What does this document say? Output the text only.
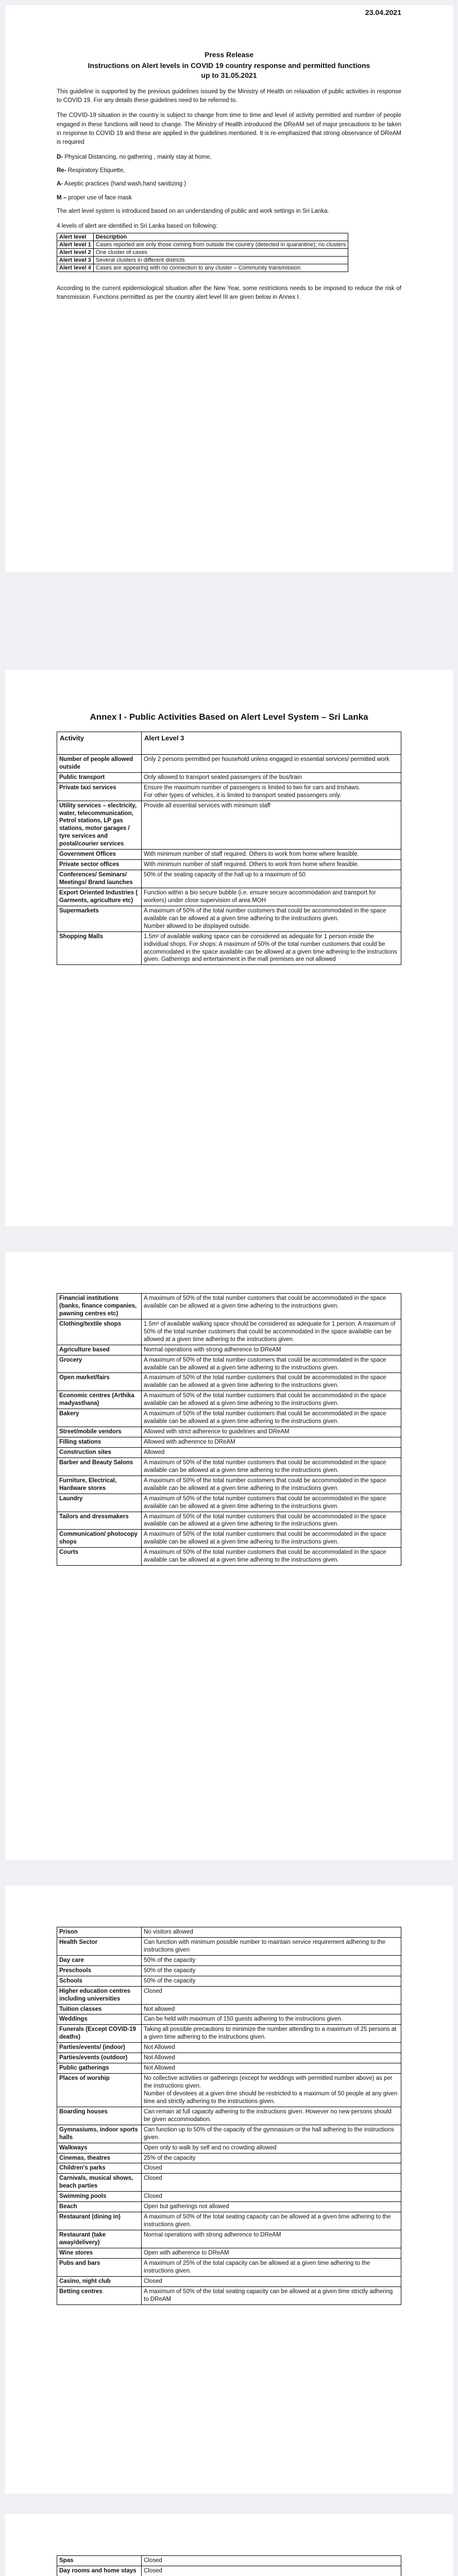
23.04.2021
Press Release
Instructions on Alert levels in COVID 19 country response and permitted functions up to 31.05.2021

This guideline is supported by the previous guidelines issued by the Ministry of Health on relaxation of public activities in response to COVID 19. For any details these guidelines need to be referred to.

The COVID-19 situation in the country is subject to change from time to time and level of activity permitted and number of people engaged in these functions will need to change. The Ministry of Health introduced the DReAM set of major precautions to be taken in response to COVID 19 and these are applied in the guidelines mentioned. It is re-emphasized that strong observance of DReAM is required

D- Physical Distancing, no gathering , mainly stay at home,
Re- Respiratory Etiquette,
A- Aseptic practices (hand wash,hand sanitizing )
M – proper use of face mask

The alert level system is introduced based on an understanding of public and work settings in Sri Lanka.

4 levels of alert are identified in Sri Lanka based on following:

Alert level	Description
Alert level 1	Cases reported are only those coming from outside the country (detected in quarantine); no clusters
Alert level 2	One cluster of cases
Alert level 3	Several clusters in different districts
Alert level 4	Cases are appearing with no connection to any cluster – Community transmission

According to the current epidemiological situation after the New Year, some restrictions needs to be imposed to reduce the risk of transmission. Functions permitted as per the country alert level III are given below in Annex I.

Annex I - Public Activities Based on Alert Level System – Sri Lanka
Activity	Alert Level 3
Number of people allowed outside	Only 2 persons permitted per household unless engaged in essential services/ permitted work
Public transport	Only allowed to transport seated passengers of the bus/train
Private taxi services	Ensure the maximum number of passengers is limited to two for cars and trishaws.
For other types of vehicles, it is limited to transport seated passengers only.
Utility services – electricity, water, telecommunication, Petrol stations, LP gas stations, motor garages / tyre services and postal/courier services	Provide all essential services with minimum staff
Government Offices	With minimum number of staff required. Others to work from home where feasible.
Private sector offices	With minimum number of staff required. Others to work from home where feasible.
Conferences/ Seminars/ Meetings/ Brand launches	50% of the seating capacity of the hall up to a maximum of 50
Export Oriented Industries ( Garments, agriculture etc)	Function within a bio secure bubble (i.e. ensure secure accommodation and transport for workers) under close supervision of area MOH
Supermarkets	A maximum of 50% of the total number customers that could be accommodated in the space available can be allowed at a given time adhering to the instructions given.
Number allowed to be displayed outside.
Shopping Malls	1.5m² of available walking space can be considered as adequate for 1 person inside the individual shops. For shops: A maximum of 50% of the total number customers that could be accommodated in the space available can be allowed at a given time adhering to the instructions given. Gatherings and entertainment in the mall premises are not allowed
Financial institutions (banks, finance companies, pawning centres etc)	A maximum of 50% of the total number customers that could be accommodated in the space available can be allowed at a given time adhering to the instructions given.
Clothing/textile shops	1.5m² of available walking space should be considered as adequate for 1 person. A maximum of 50% of the total number customers that could be accommodated in the space available can be allowed at a given time adhering to the instructions given.
Agriculture based	Normal operations with strong adherence to DReAM
Grocery	A maximum of 50% of the total number customers that could be accommodated in the space available can be allowed at a given time adhering to the instructions given.
Open market/fairs	A maximum of 50% of the total number customers that could be accommodated in the space available can be allowed at a given time adhering to the instructions given.
Economic centres (Arthika madyasthana)	A maximum of 50% of the total number customers that could be accommodated in the space available can be allowed at a given time adhering to the instructions given.
Bakery	A maximum of 50% of the total number customers that could be accommodated in the space available can be allowed at a given time adhering to the instructions given.
Street/mobile vendors	Allowed with strict adherence to guidelines and DReAM
Filling stations	Allowed with adherence to DReAM
Construction sites	Allowed
Barber and Beauty Salons	A maximum of 50% of the total number customers that could be accommodated in the space available can be allowed at a given time adhering to the instructions given.
Furniture, Electrical, Hardware stores	A maximum of 50% of the total number customers that could be accommodated in the space available can be allowed at a given time adhering to the instructions given.
Laundry	A maximum of 50% of the total number customers that could be accommodated in the space available can be allowed at a given time adhering to the instructions given.
Tailors and dressmakers	A maximum of 50% of the total number customers that could be accommodated in the space available can be allowed at a given time adhering to the instructions given.
Communication/ photocopy shops	A maximum of 50% of the total number customers that could be accommodated in the space available can be allowed at a given time adhering to the instructions given.
Courts	A maximum of 50% of the total number customers that could be accommodated in the space available can be allowed at a given time adhering to the instructions given.
Prison	No visitors allowed
Health Sector	Can function with minimum possible number to maintain service requirement adhering to the instructions given
Day care	50% of the capacity
Preschools	50% of the capacity
Schools	50% of the capacity
Higher education centres including universities	Closed
Tuition classes	Not allowed
Weddings	Can be held with maximum of 150 guests adhering to the instructions given.
Funerals (Except COVID-19 deaths)	Taking all possible precautions to minimize the number attending to a maximum of 25 persons at a given time adhering to the instructions given.
Parties/events/ (indoor)	Not Allowed
Parties/events (outdoor)	Not Allowed
Public gatherings	Not Allowed
Places of worship	No collective activities or gatherings (except for weddings with permitted number above) as per the instructions given.
Number of devotees at a given time should be restricted to a maximum of 50 people at any given time and strictly adhering to the instructions given.
Boarding houses	Can remain at full capacity adhering to the instructions given. However no new persons should be given accommodation.
Gymnasiums, indoor sports halls	Can function up to 50% of the capacity of the gymnasium or the hall adhering to the instructions given.
Walkways	Open only to walk by self and no crowding allowed
Cinemas, theatres	25% of the capacity
Children's parks	Closed
Carnivals, musical shows, beach parties	Closed
Swimming pools	Closed
Beach	Open but gatherings not allowed
Restaurant (dining in)	A maximum of 50% of the total seating capacity can be allowed at a given time adhering to the instructions given.
Restaurant (take away/delivery)	Normal operations with strong adherence to DReAM
Wine stores	Open with adherence to DReAM
Pubs and bars	A maximum of 25% of the total capacity can be allowed at a given time adhering to the instructions given.
Casino, night club	Closed
Betting centres	A maximum of 50% of the total seating capacity can be allowed at a given time strictly adhering to DReAM
Spas	Closed
Day rooms and home stays	Closed
